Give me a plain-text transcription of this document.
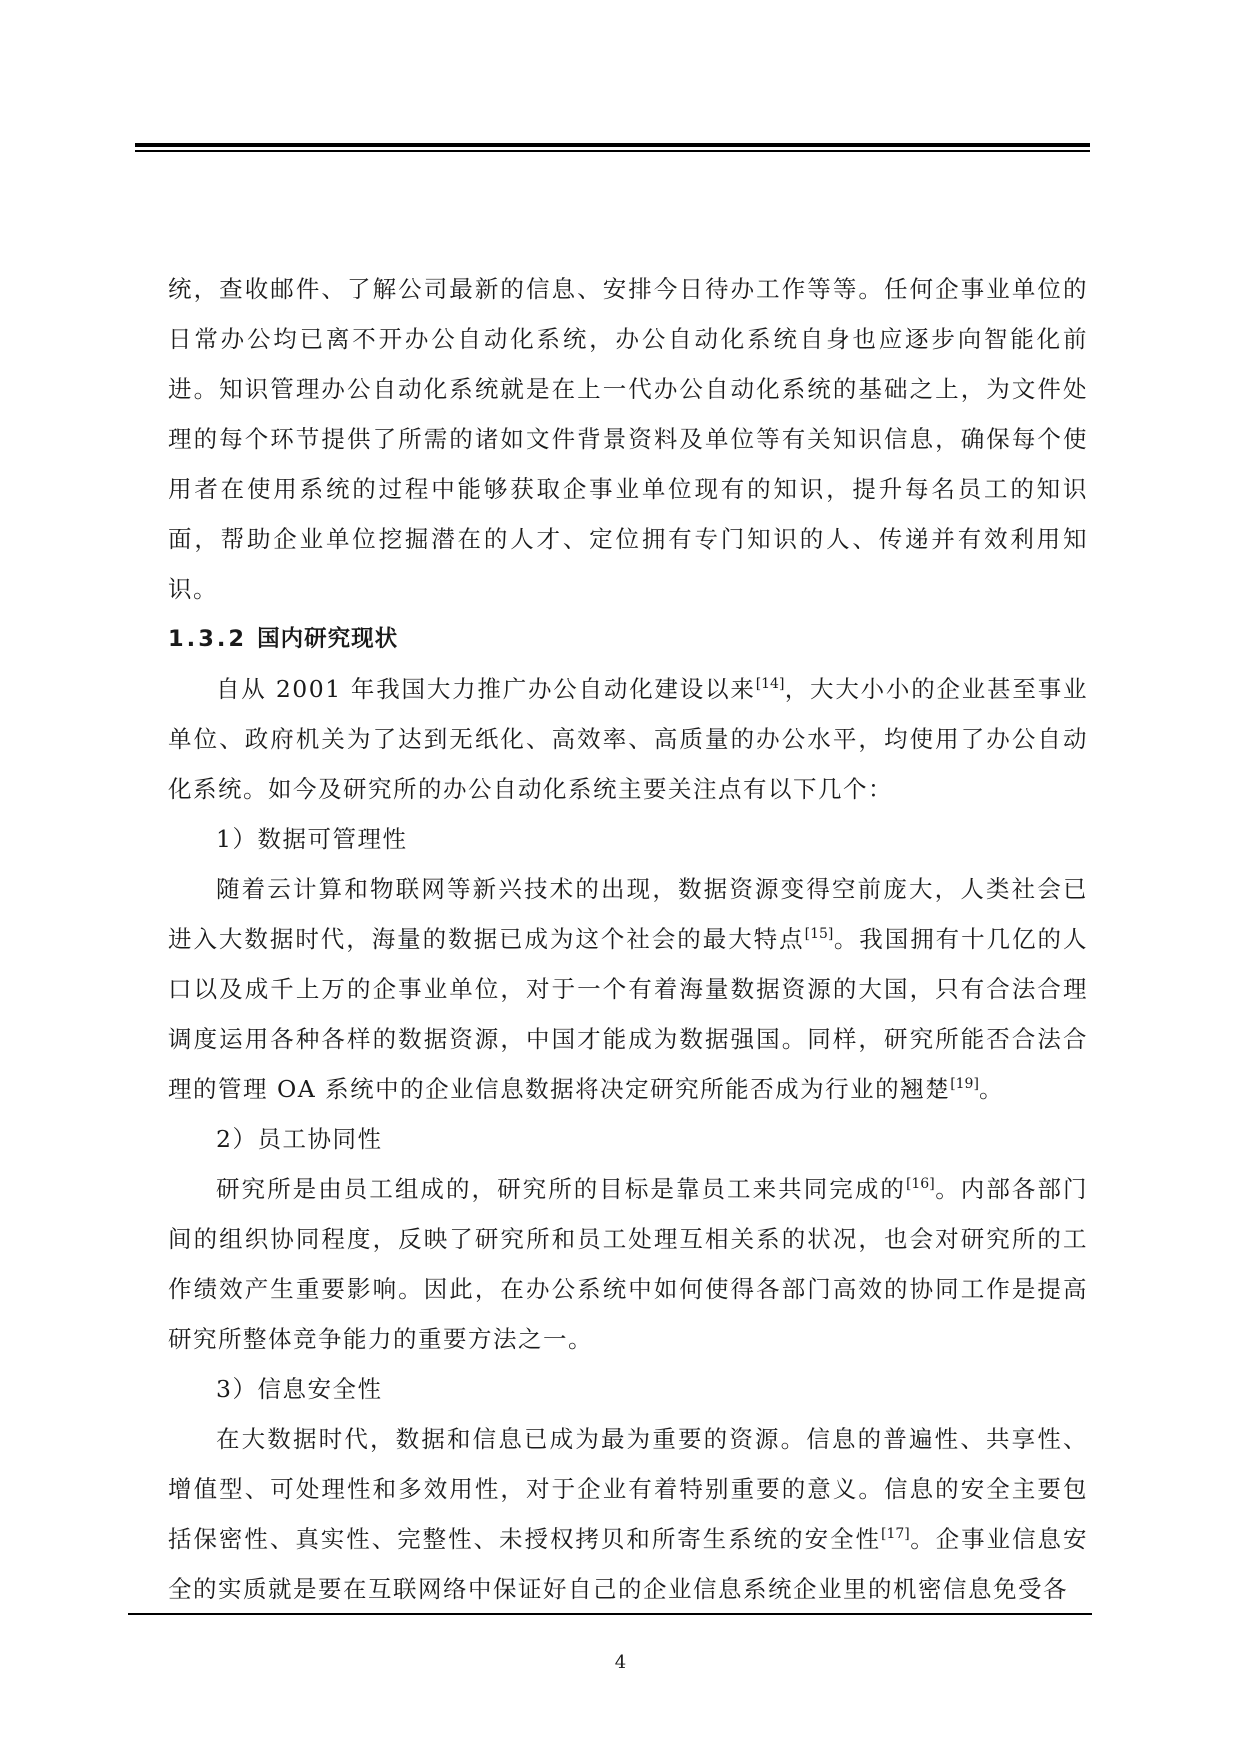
统，查收邮件、了解公司最新的信息、安排今日待办工作等等。任何企事业单位的日常办公均已离不开办公自动化系统，办公自动化系统自身也应逐步向智能化前进。知识管理办公自动化系统就是在上一代办公自动化系统的基础之上，为文件处理的每个环节提供了所需的诸如文件背景资料及单位等有关知识信息，确保每个使用者在使用系统的过程中能够获取企事业单位现有的知识，提升每名员工的知识面，帮助企业单位挖掘潜在的人才、定位拥有专门知识的人、传递并有效利用知识。

1.3.2 国内研究现状

自从 2001 年我国大力推广办公自动化建设以来[14]，大大小小的企业甚至事业单位、政府机关为了达到无纸化、高效率、高质量的办公水平，均使用了办公自动化系统。如今及研究所的办公自动化系统主要关注点有以下几个：

1）数据可管理性

随着云计算和物联网等新兴技术的出现，数据资源变得空前庞大，人类社会已进入大数据时代，海量的数据已成为这个社会的最大特点[15]。我国拥有十几亿的人口以及成千上万的企事业单位，对于一个有着海量数据资源的大国，只有合法合理调度运用各种各样的数据资源，中国才能成为数据强国。同样，研究所能否合法合理的管理 OA 系统中的企业信息数据将决定研究所能否成为行业的翘楚[19]。

2）员工协同性

研究所是由员工组成的，研究所的目标是靠员工来共同完成的[16]。内部各部门间的组织协同程度，反映了研究所和员工处理互相关系的状况，也会对研究所的工作绩效产生重要影响。因此，在办公系统中如何使得各部门高效的协同工作是提高研究所整体竞争能力的重要方法之一。

3）信息安全性

在大数据时代，数据和信息已成为最为重要的资源。信息的普遍性、共享性、增值型、可处理性和多效用性，对于企业有着特别重要的意义。信息的安全主要包括保密性、真实性、完整性、未授权拷贝和所寄生系统的安全性[17]。企事业信息安全的实质就是要在互联网络中保证好自己的企业信息系统企业里的机密信息免受各

4
